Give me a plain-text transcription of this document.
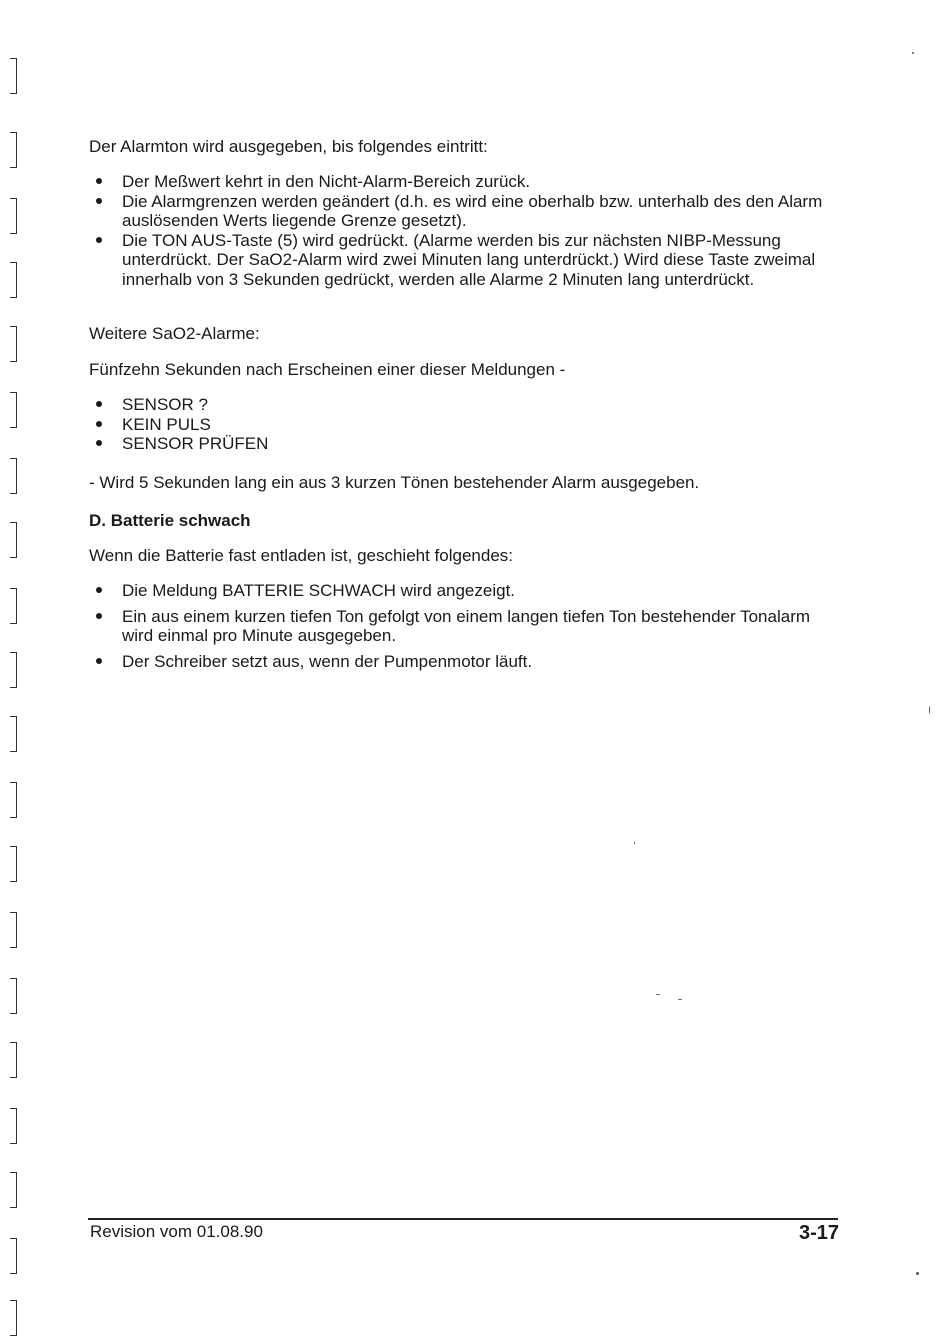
Der Alarmton wird ausgegeben, bis folgendes eintritt:

Der Meßwert kehrt in den Nicht-Alarm-Bereich zurück.
Die Alarmgrenzen werden geändert (d.h. es wird eine oberhalb bzw. unterhalb des den Alarm auslösenden Werts liegende Grenze gesetzt).
Die TON AUS-Taste (5) wird gedrückt. (Alarme werden bis zur nächsten NIBP-Messung unterdrückt. Der SaO2-Alarm wird zwei Minuten lang unterdrückt.) Wird diese Taste zweimal innerhalb von 3 Sekunden gedrückt, werden alle Alarme 2 Minuten lang unterdrückt.

Weitere SaO2-Alarme:

Fünfzehn Sekunden nach Erscheinen einer dieser Meldungen -

SENSOR ?
KEIN PULS
SENSOR PRÜFEN

- Wird 5 Sekunden lang ein aus 3 kurzen Tönen bestehender Alarm ausgegeben.

D. Batterie schwach

Wenn die Batterie fast entladen ist, geschieht folgendes:

Die Meldung BATTERIE SCHWACH wird angezeigt.
Ein aus einem kurzen tiefen Ton gefolgt von einem langen tiefen Ton bestehender Tonalarm wird einmal pro Minute ausgegeben.
Der Schreiber setzt aus, wenn der Pumpenmotor läuft.
Revision vom 01.08.90	3-17
